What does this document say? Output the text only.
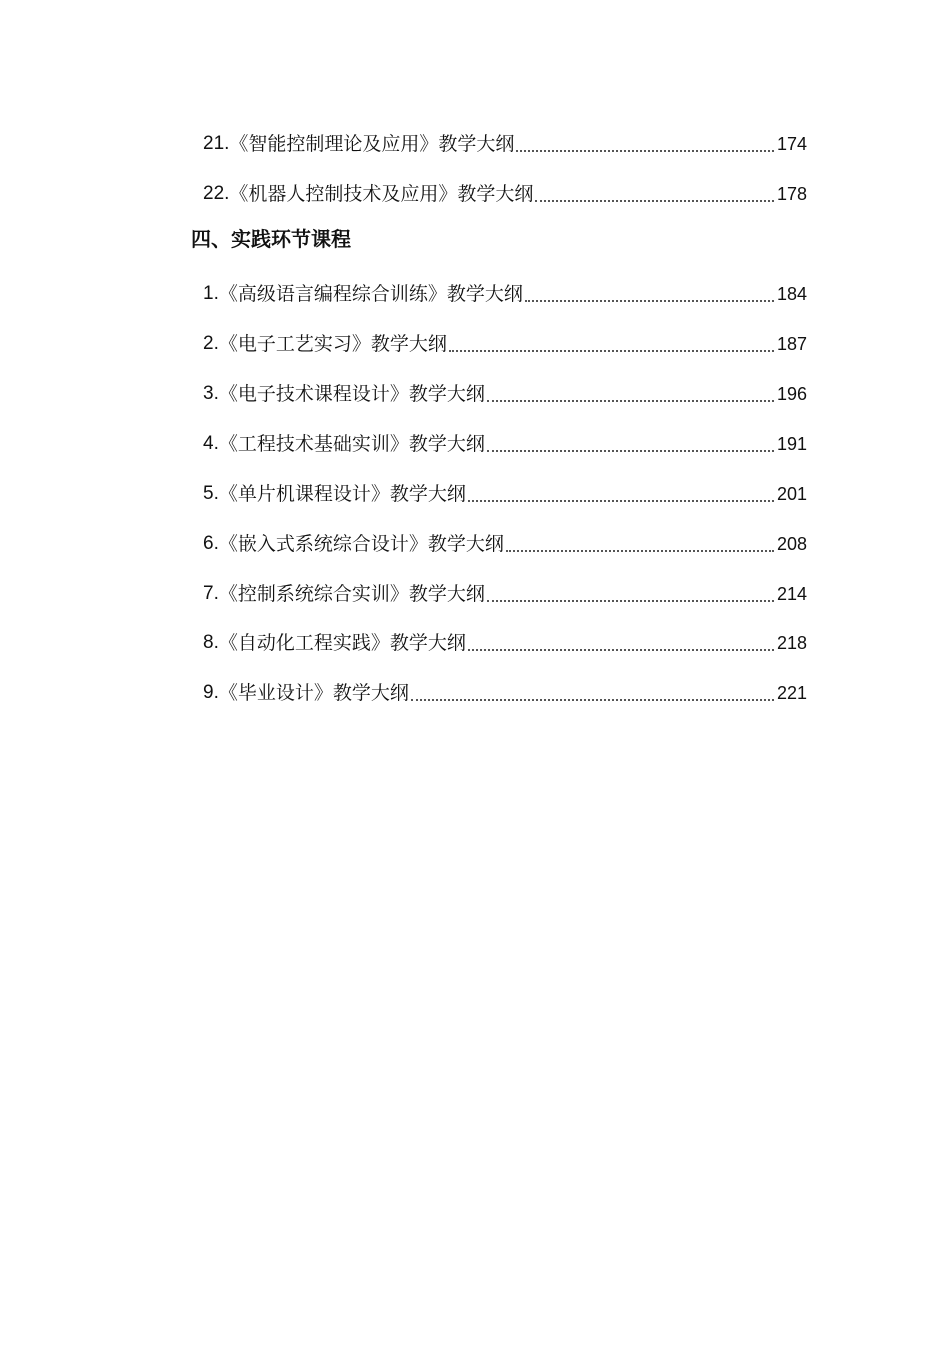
21. 《智能控制理论及应用》教学大纲	174
22. 《机器人控制技术及应用》教学大纲	178
四、实践环节课程
1. 《高级语言编程综合训练》教学大纲	184
2. 《电子工艺实习》教学大纲	187
3. 《电子技术课程设计》教学大纲	196
4. 《工程技术基础实训》教学大纲	191
5. 《单片机课程设计》教学大纲	201
6. 《嵌入式系统综合设计》教学大纲	208
7. 《控制系统综合实训》教学大纲	214
8. 《自动化工程实践》教学大纲	218
9. 《毕业设计》教学大纲	221
